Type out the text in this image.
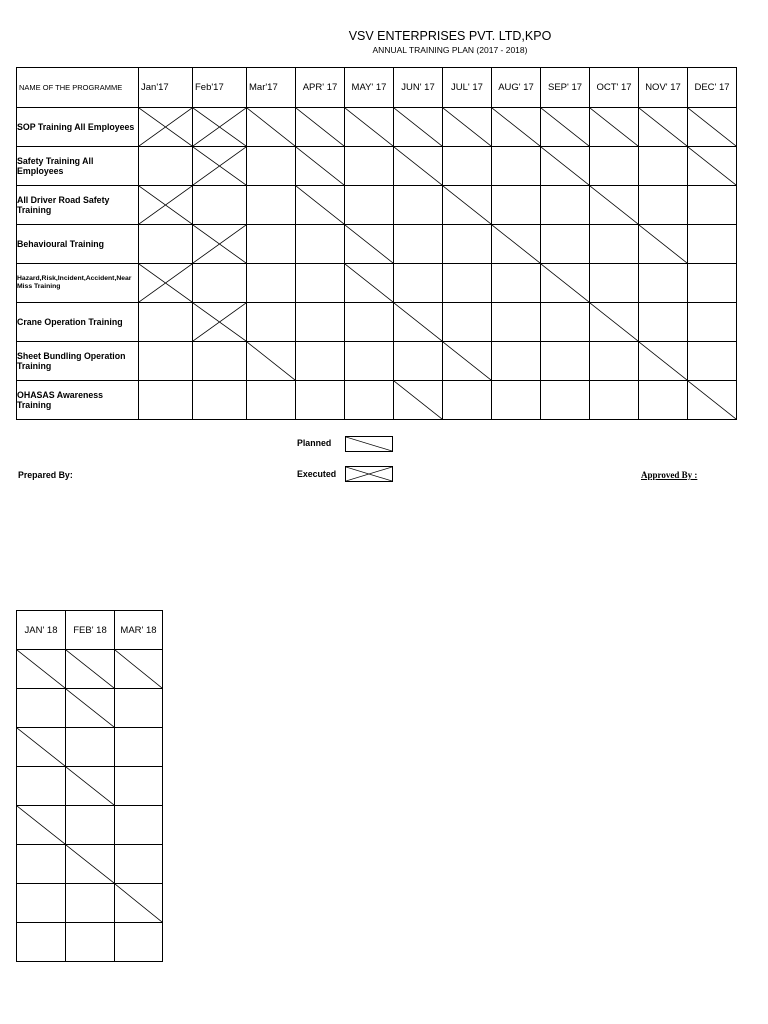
VSV ENTERPRISES PVT. LTD,KPO
ANNUAL TRAINING PLAN (2017 - 2018)
NAME OF THE PROGRAMME	Jan'17	Feb'17	Mar'17	APR' 17	MAY' 17	JUN' 17	JUL' 17	AUG' 17	SEP' 17	OCT' 17	NOV' 17	DEC' 17
SOP Training All Employees	

Safety Training All Employees		

All Driver Road Safety Training	

Behavioural Training		

Hazard,Risk,Incident,Accident,Near Miss Training	

Crane Operation Training		

Sheet Bundling Operation Training			

OHASAS Awareness Training						

Planned
Executed
Prepared By:	Approved By :
JAN' 18	FEB' 18	MAR' 18
